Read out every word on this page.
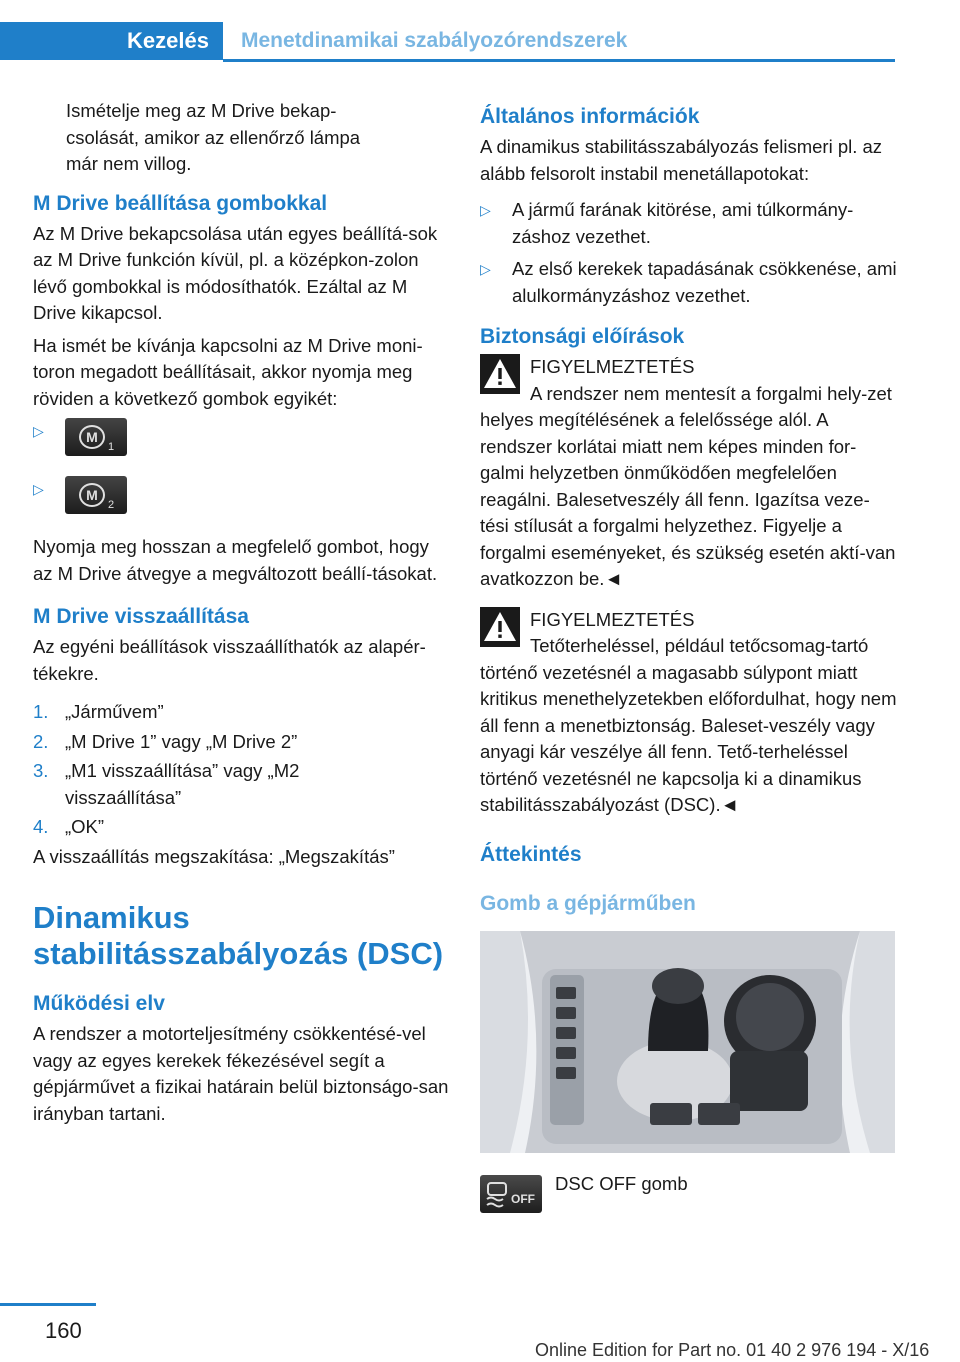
Kezelés	Menetdinamikai szabályozórendszerek
Ismételje meg az M Drive bekap-
csolását, amikor az ellenőrző lámpa
már nem villog.
M Drive beállítása gombokkal

Az M Drive bekapcsolása után egyes beállítá-sok az M Drive funkción kívül, pl. a középkon-zolon lévő gombokkal is módosíthatók. Ezáltal az M Drive kikapcsol.

Ha ismét be kívánja kapcsolni az M Drive moni-toron megadott beállításait, akkor nyomja meg röviden a következő gombok egyikét:

▷	M
1
▷	M
2

Nyomja meg hosszan a megfelelő gombot, hogy az M Drive átvegye a megváltozott beállí-tásokat.

M Drive visszaállítása

Az egyéni beállítások visszaállíthatók az alapér-tékekre.

1. „Járművem”
2. „M Drive 1” vagy „M Drive 2”
3. „M1 visszaállítása” vagy „M2 visszaállítása”
4. „OK”

A visszaállítás megszakítása: „Megszakítás”

Dinamikus
stabilitásszabályozás (DSC)
Működési elv

A rendszer a motorteljesítmény csökkentésé-vel vagy az egyes kerekek fékezésével segít a gépjárművet a fizikai határain belül biztonságo-san irányban tartani.

Általános információk

A dinamikus stabilitásszabályozás felismeri pl. az alább felsorolt instabil menetállapotokat:

▷ A jármű farának kitörése, ami túlkormány-záshoz vezethet.
▷ Az első kerekek tapadásának csökkenése, ami alulkormányzáshoz vezethet.
Biztonsági előírások
FIGYELMEZTETÉS
A rendszer nem mentesít a forgalmi hely-zet helyes megítélésének a felelőssége alól. A rendszer korlátai miatt nem képes minden for-galmi helyzetben önműködően megfelelően reagálni. Balesetveszély áll fenn. Igazítsa veze-tési stílusát a forgalmi helyzethez. Figyelje a forgalmi eseményeket, és szükség esetén aktí-van avatkozzon be.◄
FIGYELMEZTETÉS
Tetőterheléssel, például tetőcsomag-tartó történő vezetésnél a magasabb súlypont miatt kritikus menethelyzetekben előfordulhat, hogy nem áll fenn a menetbiztonság. Baleset-veszély vagy anyagi kár veszélye áll fenn. Tető-terheléssel történő vezetésnél ne kapcsolja ki a dinamikus stabilitásszabályozást (DSC).◄
Áttekintés
Gomb a gépjárműben
OFF
DSC OFF gomb
160
Online Edition for Part no. 01 40 2 976 194 - X/16
